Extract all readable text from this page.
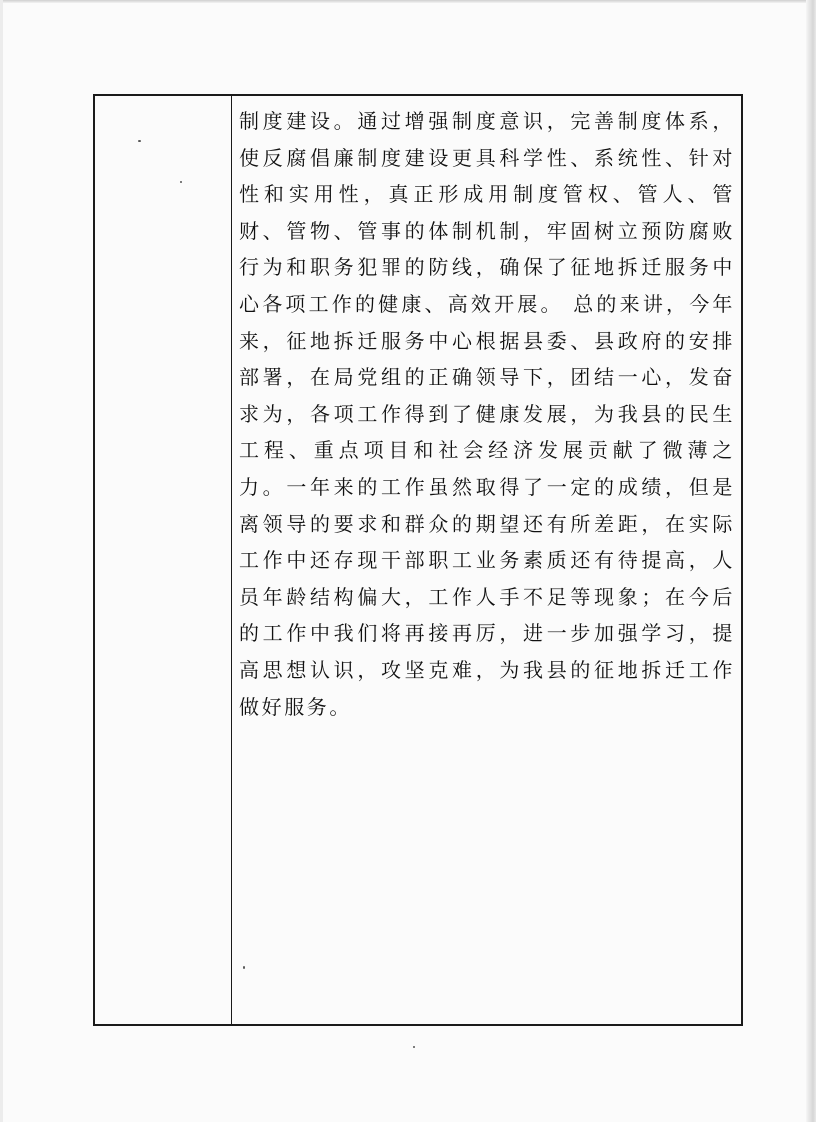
制度建设。通过增强制度意识，完善制度体系，使反腐倡廉制度建设更具科学性、系统性、针对性和实用性，真正形成用制度管权、管人、管财、管物、管事的体制机制，牢固树立预防腐败行为和职务犯罪的防线，确保了征地拆迁服务中心各项工作的健康、高效开展。 总的来讲，今年来，征地拆迁服务中心根据县委、县政府的安排部署，在局党组的正确领导下，团结一心，发奋求为，各项工作得到了健康发展，为我县的民生工程、重点项目和社会经济发展贡献了微薄之力。一年来的工作虽然取得了一定的成绩，但是离领导的要求和群众的期望还有所差距，在实际工作中还存现干部职工业务素质还有待提高，人员年龄结构偏大，工作人手不足等现象；在今后的工作中我们将再接再厉，进一步加强学习，提高思想认识，攻坚克难，为我县的征地拆迁工作做好服务。
